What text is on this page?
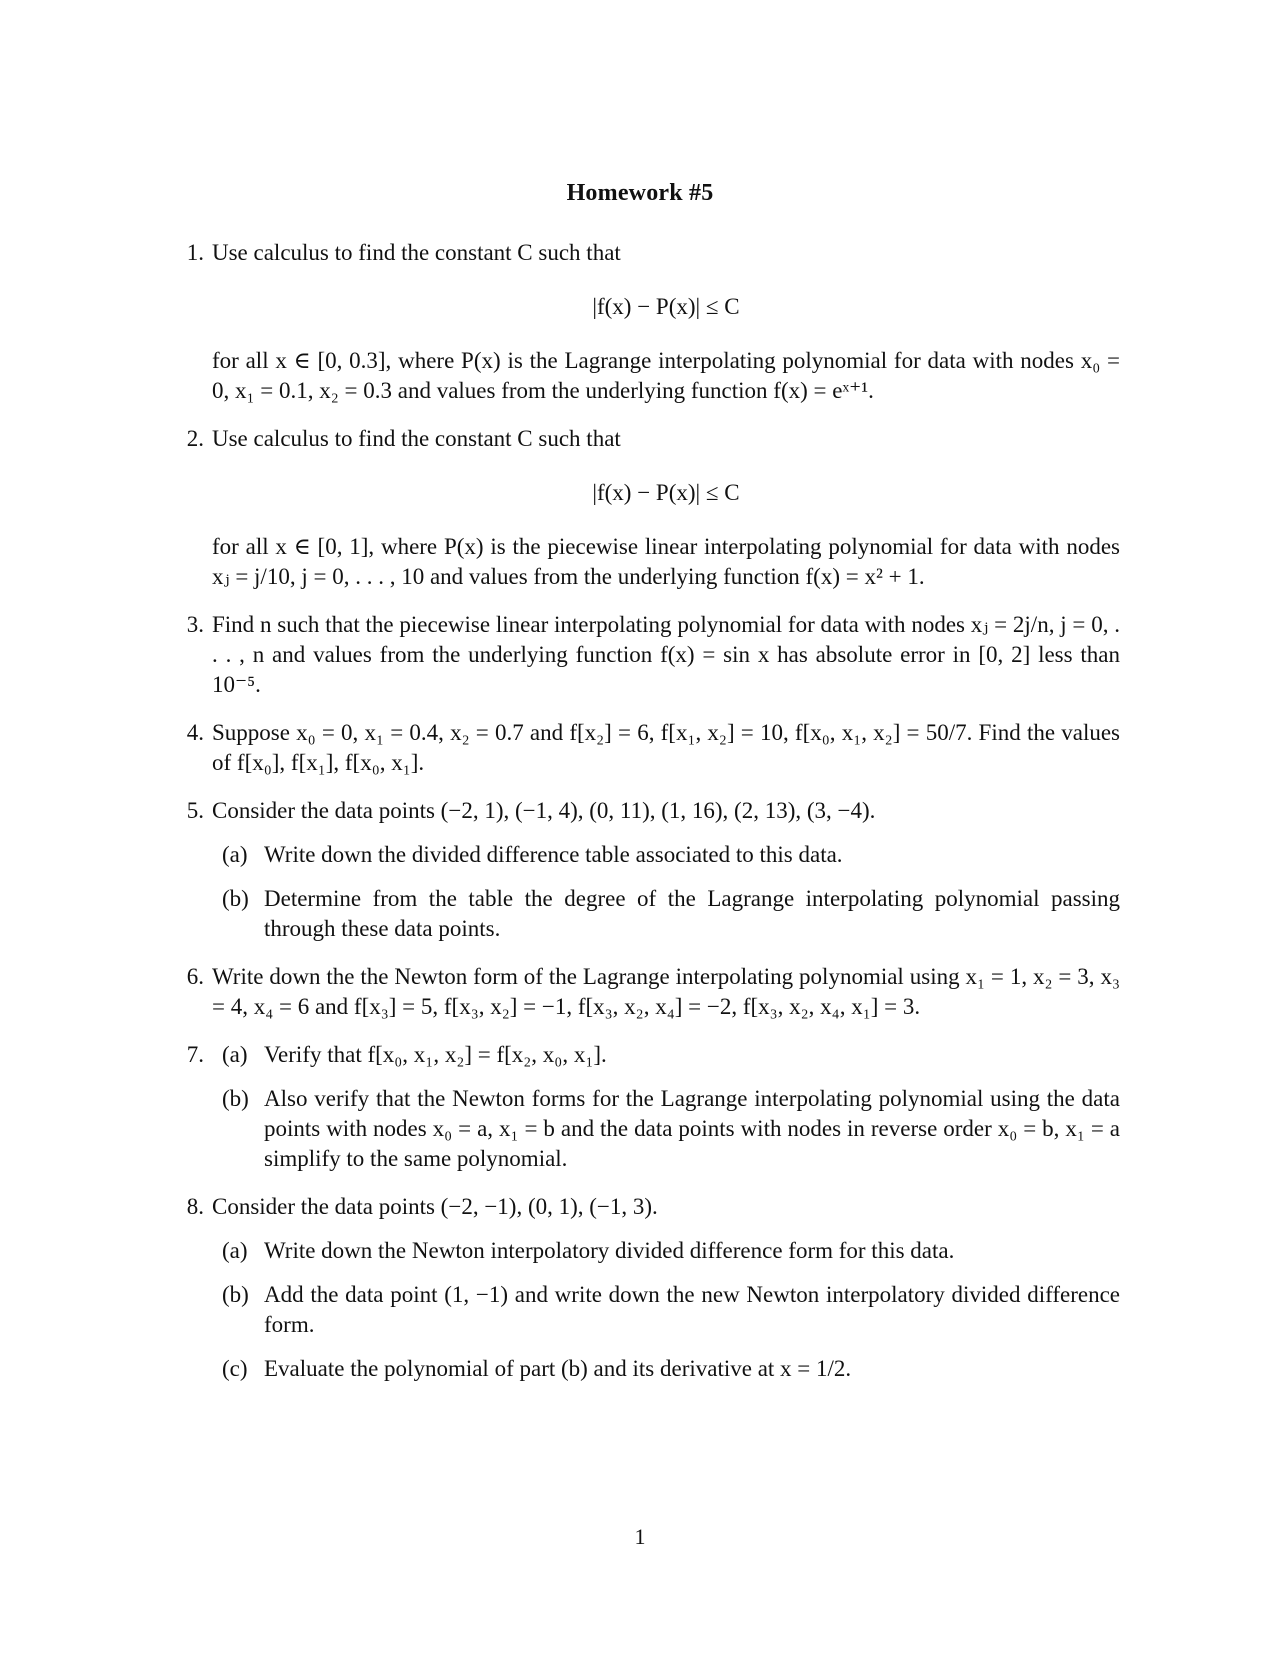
Homework #5
1. Use calculus to find the constant C such that
|f(x) − P(x)| ≤ C
for all x ∈ [0, 0.3], where P(x) is the Lagrange interpolating polynomial for data with nodes x₀ = 0, x₁ = 0.1, x₂ = 0.3 and values from the underlying function f(x) = eˣ⁺¹.
2. Use calculus to find the constant C such that
|f(x) − P(x)| ≤ C
for all x ∈ [0, 1], where P(x) is the piecewise linear interpolating polynomial for data with nodes xⱼ = j/10, j = 0, . . . , 10 and values from the underlying function f(x) = x² + 1.
3. Find n such that the piecewise linear interpolating polynomial for data with nodes xⱼ = 2j/n, j = 0, . . . , n and values from the underlying function f(x) = sin x has absolute error in [0, 2] less than 10⁻⁵.
4. Suppose x₀ = 0, x₁ = 0.4, x₂ = 0.7 and f[x₂] = 6, f[x₁, x₂] = 10, f[x₀, x₁, x₂] = 50/7. Find the values of f[x₀], f[x₁], f[x₀, x₁].
5. Consider the data points (−2, 1), (−1, 4), (0, 11), (1, 16), (2, 13), (3, −4).
(a) Write down the divided difference table associated to this data.
(b) Determine from the table the degree of the Lagrange interpolating polynomial passing through these data points.
6. Write down the the Newton form of the Lagrange interpolating polynomial using x₁ = 1, x₂ = 3, x₃ = 4, x₄ = 6 and f[x₃] = 5, f[x₃, x₂] = −1, f[x₃, x₂, x₄] = −2, f[x₃, x₂, x₄, x₁] = 3.
7. (a) Verify that f[x₀, x₁, x₂] = f[x₂, x₀, x₁].
(b) Also verify that the Newton forms for the Lagrange interpolating polynomial using the data points with nodes x₀ = a, x₁ = b and the data points with nodes in reverse order x₀ = b, x₁ = a simplify to the same polynomial.
8. Consider the data points (−2, −1), (0, 1), (−1, 3).
(a) Write down the Newton interpolatory divided difference form for this data.
(b) Add the data point (1, −1) and write down the new Newton interpolatory divided difference form.
(c) Evaluate the polynomial of part (b) and its derivative at x = 1/2.
1
